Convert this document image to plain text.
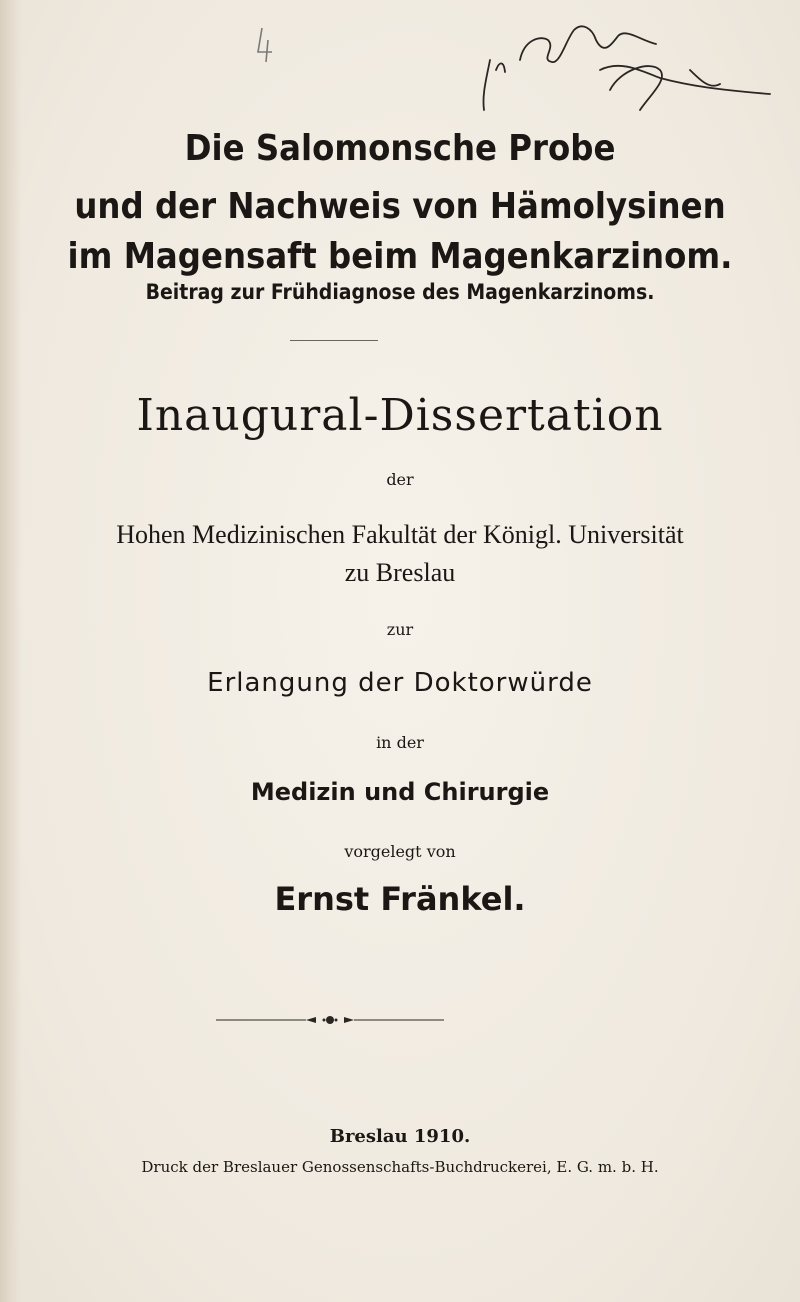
Die Salomonsche Probe
und der Nachweis von Hämolysinen
im Magensaft beim Magenkarzinom.
Beitrag zur Frühdiagnose des Magenkarzinoms.
Inaugural-Dissertation
der
Hohen Medizinischen Fakultät der Königl. Universität
zu Breslau
zur
Erlangung der Doktorwürde
in der
Medizin und Chirurgie
vorgelegt von
Ernst Fränkel.
Breslau 1910.
Druck der Breslauer Genossenschafts-Buchdruckerei, E. G. m. b. H.
